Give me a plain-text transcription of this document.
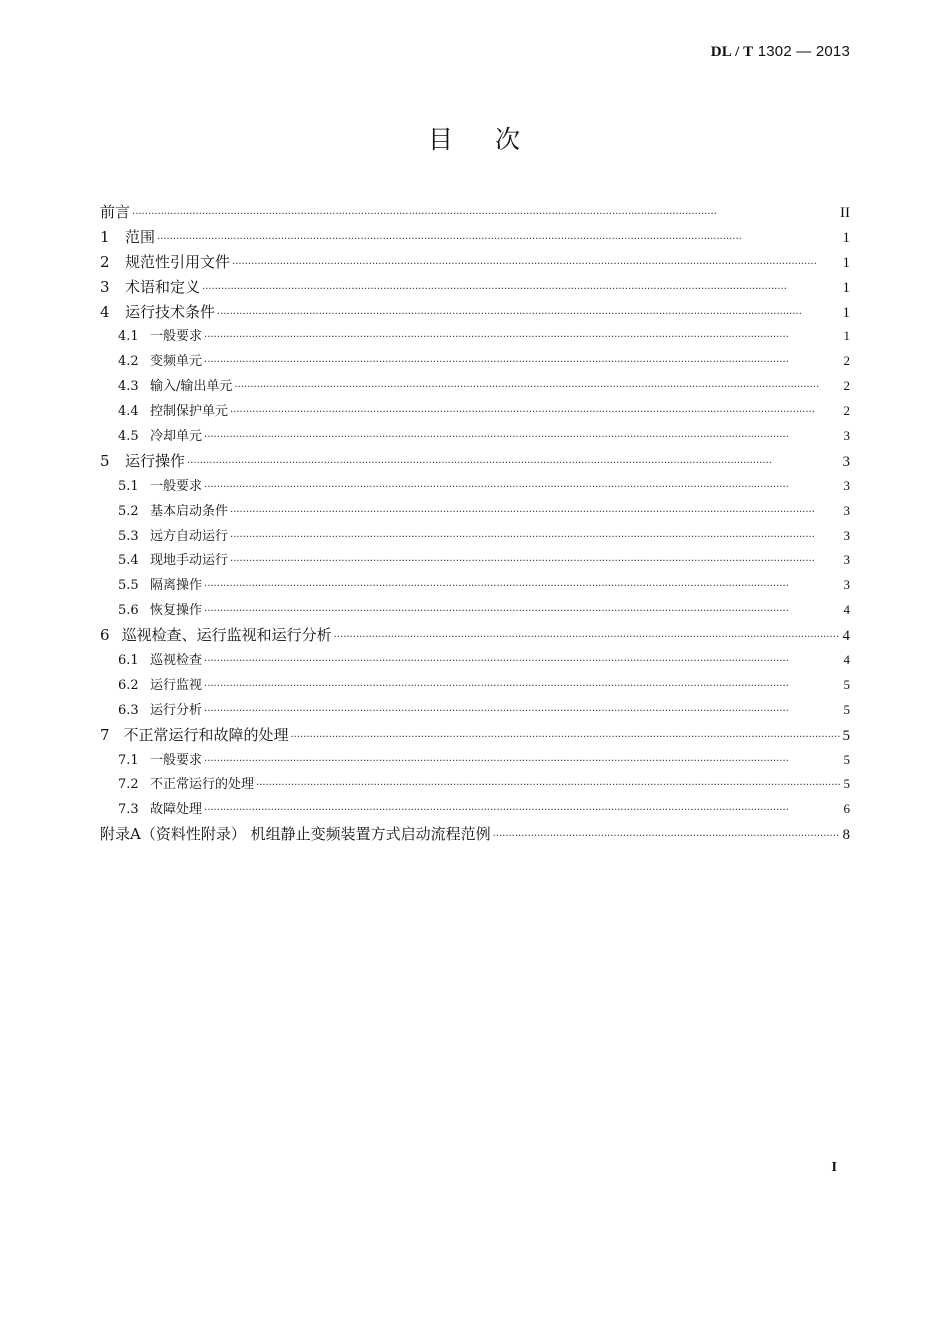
DL / T 1302 — 2013
目 次
前言 ·····	II
1	范围 ·····	1
2	规范性引用文件 ·····	1
3	术语和定义 ·····	1
4	运行技术条件 ·····	1
4.1 一般要求 ·····	1
4.2 变频单元 ·····	2
4.3 输入/输出单元 ·····	2
4.4 控制保护单元 ·····	2
4.5 冷却单元 ·····	3
5	运行操作 ·····	3
5.1 一般要求 ·····	3
5.2 基本启动条件 ·····	3
5.3 远方自动运行 ·····	3
5.4 现地手动运行 ·····	3
5.5 隔离操作 ·····	3
5.6 恢复操作 ·····	4
6 巡视检查、运行监视和运行分析 ·····	4
6.1 巡视检查 ·····	4
6.2 运行监视 ·····	5
6.3 运行分析 ·····	5
7 不正常运行和故障的处理 ·····	5
7.1 一般要求 ·····	5
7.2 不正常运行的处理 ·····	5
7.3 故障处理 ·····	6
附录A（资料性附录） 机组静止变频装置方式启动流程范例 ·····	8
I
